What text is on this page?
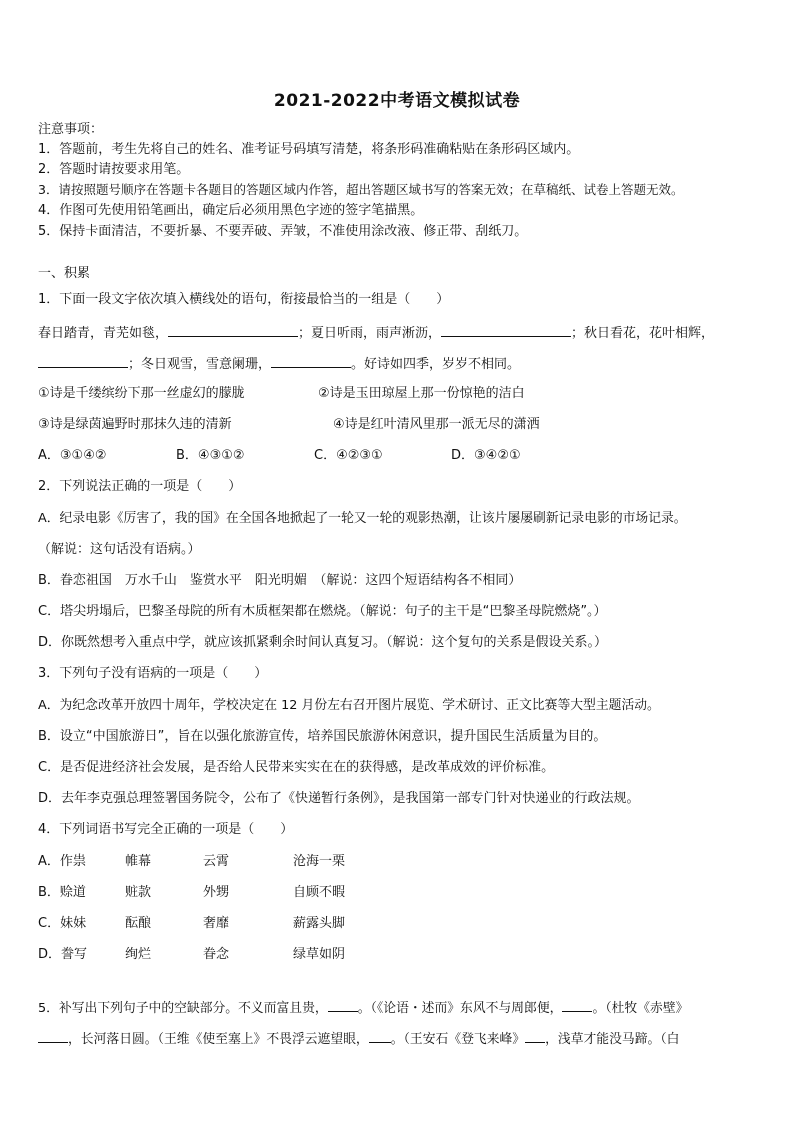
2021-2022中考语文模拟试卷
注意事项：
1．答题前，考生先将自己的姓名、准考证号码填写清楚，将条形码准确粘贴在条形码区域内。
2．答题时请按要求用笔。
3．请按照题号顺序在答题卡各题目的答题区域内作答，超出答题区域书写的答案无效；在草稿纸、试卷上答题无效。
4．作图可先使用铅笔画出，确定后必须用黑色字迹的签字笔描黑。
5．保持卡面清洁，不要折暴、不要弄破、弄皱，不准使用涂改液、修正带、刮纸刀。
一、积累
1．下面一段文字依次填入横线处的语句，衔接最恰当的一组是（　　）
春日踏青，青芜如毯，	；夏日听雨，雨声淅沥，	；秋日看花，花叶相辉，
；冬日观雪，雪意阑珊，	。好诗如四季，岁岁不相同。
①诗是千缕缤纷下那一丝虚幻的朦胧	②诗是玉田琼屋上那一份惊艳的洁白
③诗是绿茵遍野时那抹久违的清新	④诗是红叶清风里那一派无尽的潇洒
A．③①④②	B．④③①②	C．④②③①	D．③④②①
2．下列说法正确的一项是（　　）
A．纪录电影《厉害了，我的国》在全国各地掀起了一轮又一轮的观影热潮，让该片屡屡刷新记录电影的市场记录。
（解说：这句话没有语病。）
B．眷恋祖国　万水千山　鉴赏水平　阳光明媚　（解说：这四个短语结构各不相同）
C．塔尖坍塌后，巴黎圣母院的所有木质框架都在燃烧。（解说：句子的主干是“巴黎圣母院燃烧”。）
D．你既然想考入重点中学，就应该抓紧剩余时间认真复习。（解说：这个复句的关系是假设关系。）
3．下列句子没有语病的一项是（　　）
A．为纪念改革开放四十周年，学校决定在 12 月份左右召开图片展览、学术研讨、正文比赛等大型主题活动。
B．设立“中国旅游日”，旨在以强化旅游宣传，培养国民旅游休闲意识，提升国民生活质量为目的。
C．是否促进经济社会发展，是否给人民带来实实在在的获得感，是改革成效的评价标准。
D．去年李克强总理签署国务院令，公布了《快递暂行条例》，是我国第一部专门针对快递业的行政法规。
4．下列词语书写完全正确的一项是（　　）
A．作祟	帷幕	云霄	沧海一栗
B．赊道	赃款	外甥	自顾不暇
C．妹妹	酝酿	奢靡	薪露头脚
D．誊写	绚烂	眷念	绿草如阴
5．补写出下列句子中的空缺部分。不义而富且贵， 。（《论语・述而》东风不与周郎便， 。（杜牧《赤壁》
，长河落日圆。（王维《使至塞上》不畏浮云遮望眼， 。（王安石《登飞来峰》 ，浅草才能没马蹄。（白
